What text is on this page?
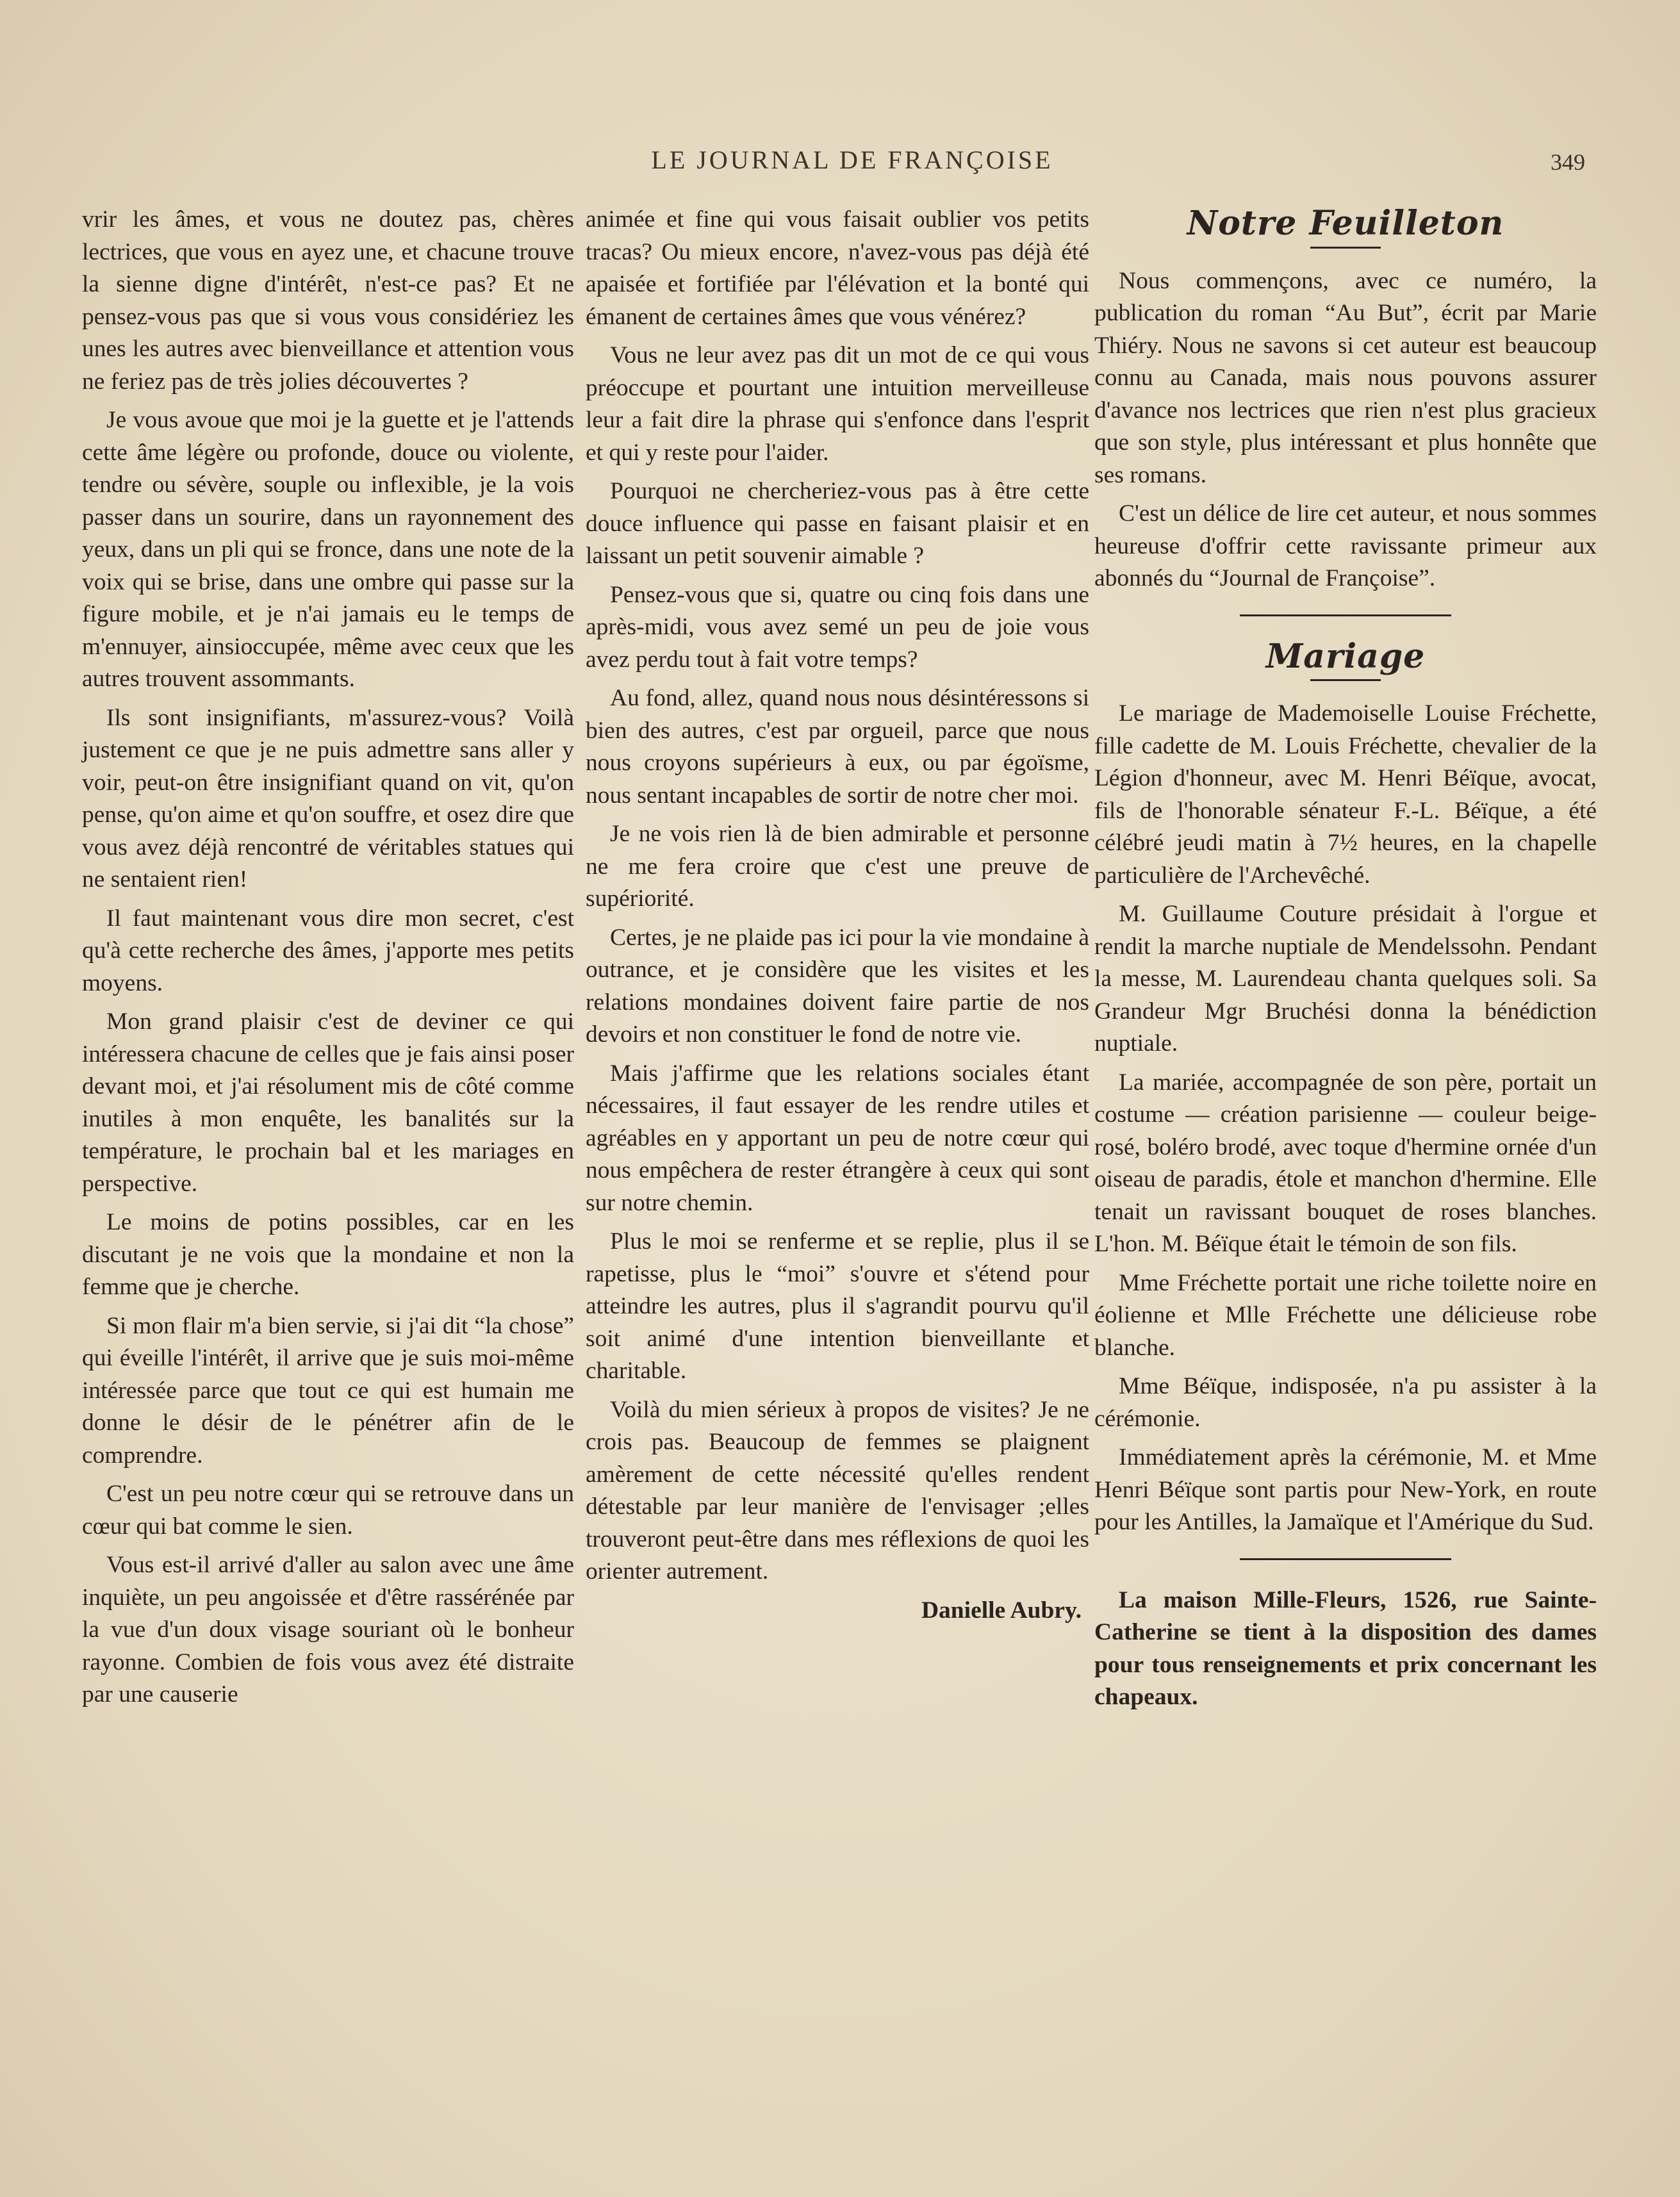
LE JOURNAL DE FRANÇOISE	349

vrir les âmes, et vous ne doutez pas, chères lectrices, que vous en ayez une, et chacune trouve la sienne digne d'intérêt, n'est-ce pas? Et ne pensez-vous pas que si vous vous considériez les unes les autres avec bienveillance et attention vous ne feriez pas de très jolies découvertes ?

Je vous avoue que moi je la guette et je l'attends cette âme légère ou profonde, douce ou violente, tendre ou sévère, souple ou inflexible, je la vois passer dans un sourire, dans un rayonnement des yeux, dans un pli qui se fronce, dans une note de la voix qui se brise, dans une ombre qui passe sur la figure mobile, et je n'ai jamais eu le temps de m'ennuyer, ainsioccupée, même avec ceux que les autres trouvent assommants.

Ils sont insignifiants, m'assurez-vous? Voilà justement ce que je ne puis admettre sans aller y voir, peut-on être insignifiant quand on vit, qu'on pense, qu'on aime et qu'on souffre, et osez dire que vous avez déjà rencontré de véritables statues qui ne sentaient rien!

Il faut maintenant vous dire mon secret, c'est qu'à cette recherche des âmes, j'apporte mes petits moyens.

Mon grand plaisir c'est de deviner ce qui intéressera chacune de celles que je fais ainsi poser devant moi, et j'ai résolument mis de côté comme inutiles à mon enquête, les banalités sur la température, le prochain bal et les mariages en perspective.

Le moins de potins possibles, car en les discutant je ne vois que la mondaine et non la femme que je cherche.

Si mon flair m'a bien servie, si j'ai dit “la chose” qui éveille l'intérêt, il arrive que je suis moi-même intéressée parce que tout ce qui est humain me donne le désir de le pénétrer afin de le comprendre.

C'est un peu notre cœur qui se retrouve dans un cœur qui bat comme le sien.

Vous est-il arrivé d'aller au salon avec une âme inquiète, un peu angoissée et d'être rassérénée par la vue d'un doux visage souriant où le bonheur rayonne. Combien de fois vous avez été distraite par une causerie

animée et fine qui vous faisait oublier vos petits tracas? Ou mieux encore, n'avez-vous pas déjà été apaisée et fortifiée par l'élévation et la bonté qui émanent de certaines âmes que vous vénérez?

Vous ne leur avez pas dit un mot de ce qui vous préoccupe et pourtant une intuition merveilleuse leur a fait dire la phrase qui s'enfonce dans l'esprit et qui y reste pour l'aider.

Pourquoi ne chercheriez-vous pas à être cette douce influence qui passe en faisant plaisir et en laissant un petit souvenir aimable ?

Pensez-vous que si, quatre ou cinq fois dans une après-midi, vous avez semé un peu de joie vous avez perdu tout à fait votre temps?

Au fond, allez, quand nous nous désintéressons si bien des autres, c'est par orgueil, parce que nous nous croyons supérieurs à eux, ou par égoïsme, nous sentant incapables de sortir de notre cher moi.

Je ne vois rien là de bien admirable et personne ne me fera croire que c'est une preuve de supériorité.

Certes, je ne plaide pas ici pour la vie mondaine à outrance, et je considère que les visites et les relations mondaines doivent faire partie de nos devoirs et non constituer le fond de notre vie.

Mais j'affirme que les relations sociales étant nécessaires, il faut essayer de les rendre utiles et agréables en y apportant un peu de notre cœur qui nous empêchera de rester étrangère à ceux qui sont sur notre chemin.

Plus le moi se renferme et se replie, plus il se rapetisse, plus le “moi” s'ouvre et s'étend pour atteindre les autres, plus il s'agrandit pourvu qu'il soit animé d'une intention bienveillante et charitable.

Voilà du mien sérieux à propos de visites? Je ne crois pas. Beaucoup de femmes se plaignent amèrement de cette nécessité qu'elles rendent détestable par leur manière de l'envisager ;elles trouveront peut-être dans mes réflexions de quoi les orienter autrement.

Danielle Aubry.

Notre Feuilleton

Nous commençons, avec ce numéro, la publication du roman “Au But”, écrit par Marie Thiéry. Nous ne savons si cet auteur est beaucoup connu au Canada, mais nous pouvons assurer d'avance nos lectrices que rien n'est plus gracieux que son style, plus intéressant et plus honnête que ses romans.

C'est un délice de lire cet auteur, et nous sommes heureuse d'offrir cette ravissante primeur aux abonnés du “Journal de Françoise”.

Mariage

Le mariage de Mademoiselle Louise Fréchette, fille cadette de M. Louis Fréchette, chevalier de la Légion d'honneur, avec M. Henri Béïque, avocat, fils de l'honorable sénateur F.-L. Béïque, a été célébré jeudi matin à 7½ heures, en la chapelle particulière de l'Archevêché.

M. Guillaume Couture présidait à l'orgue et rendit la marche nuptiale de Mendelssohn. Pendant la messe, M. Laurendeau chanta quelques soli. Sa Grandeur Mgr Bruchési donna la bénédiction nuptiale.

La mariée, accompagnée de son père, portait un costume — création parisienne — couleur beige-rosé, boléro brodé, avec toque d'hermine ornée d'un oiseau de paradis, étole et manchon d'hermine. Elle tenait un ravissant bouquet de roses blanches. L'hon. M. Béïque était le témoin de son fils.

Mme Fréchette portait une riche toilette noire en éolienne et Mlle Fréchette une délicieuse robe blanche.

Mme Béïque, indisposée, n'a pu assister à la cérémonie.

Immédiatement après la cérémonie, M. et Mme Henri Béïque sont partis pour New-York, en route pour les Antilles, la Jamaïque et l'Amérique du Sud.

La maison Mille-Fleurs, 1526, rue Sainte-Catherine se tient à la disposition des dames pour tous renseignements et prix concernant les chapeaux.
